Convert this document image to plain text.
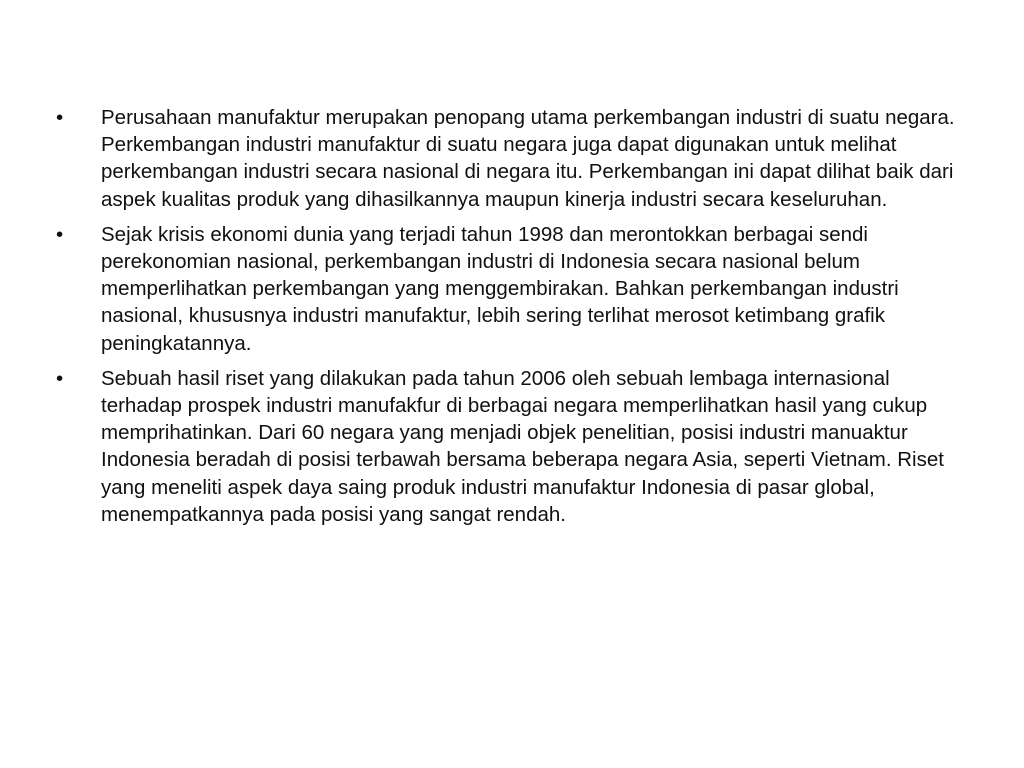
•	Perusahaan manufaktur merupakan penopang utama perkembangan industri di suatu negara. Perkembangan industri manufaktur di suatu negara juga dapat digunakan untuk melihat perkembangan industri secara nasional di negara itu. Perkembangan ini dapat dilihat baik dari aspek kualitas produk yang dihasilkannya maupun kinerja industri secara keseluruhan.
•	Sejak krisis ekonomi dunia yang terjadi tahun 1998 dan merontokkan berbagai sendi perekonomian nasional, perkembangan industri di Indonesia secara nasional belum memperlihatkan perkembangan yang menggembirakan. Bahkan perkembangan industri nasional, khususnya industri manufaktur, lebih sering terlihat merosot ketimbang grafik peningkatannya.
•	Sebuah hasil riset yang dilakukan pada tahun 2006 oleh sebuah lembaga internasional terhadap prospek industri manufakfur di berbagai negara memperlihatkan hasil yang cukup memprihatinkan. Dari 60 negara yang menjadi objek penelitian, posisi industri manuaktur Indonesia beradah di posisi terbawah bersama beberapa negara Asia, seperti Vietnam. Riset yang meneliti aspek daya saing produk industri manufaktur Indonesia di pasar global, menempatkannya pada posisi yang sangat rendah.
